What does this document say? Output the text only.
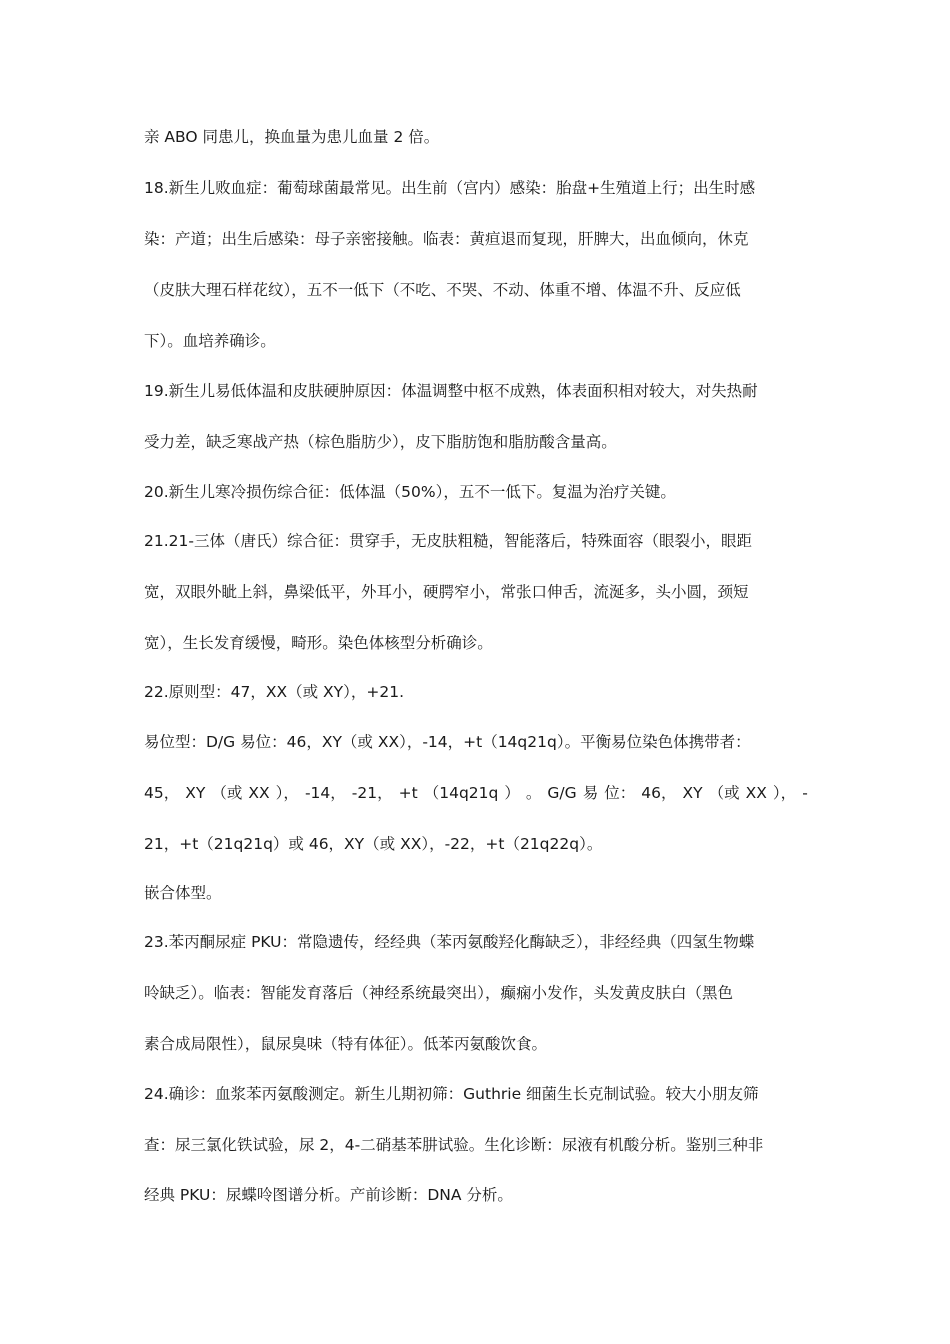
亲 ABO 同患儿，换血量为患儿血量 2 倍。
18.新生儿败血症：葡萄球菌最常见。出生前（宫内）感染：胎盘+生殖道上行；出生时感
染：产道；出生后感染：母子亲密接触。临表：黄疸退而复现，肝脾大，出血倾向，休克
（皮肤大理石样花纹），五不一低下（不吃、不哭、不动、体重不增、体温不升、反应低
下）。血培养确诊。
19.新生儿易低体温和皮肤硬肿原因：体温调整中枢不成熟，体表面积相对较大，对失热耐
受力差，缺乏寒战产热（棕色脂肪少），皮下脂肪饱和脂肪酸含量高。
20.新生儿寒冷损伤综合征：低体温（50%），五不一低下。复温为治疗关键。
21.21-三体（唐氏）综合征：贯穿手，无皮肤粗糙，智能落后，特殊面容（眼裂小，眼距
宽，双眼外眦上斜，鼻梁低平，外耳小，硬腭窄小，常张口伸舌，流涎多，头小圆，颈短
宽），生长发育缓慢，畸形。染色体核型分析确诊。
22.原则型：47，XX（或 XY），+21.
易位型：D/G 易位：46，XY（或 XX），-14，+t（14q21q）。平衡易位染色体携带者：
45， XY （或 XX ）， -14， -21， +t （14q21q ） 。 G/G 易 位： 46， XY （或 XX ）， -
21，+t（21q21q）或 46，XY（或 XX），-22，+t（21q22q）。
嵌合体型。
23.苯丙酮尿症 PKU：常隐遗传，经经典（苯丙氨酸羟化酶缺乏），非经经典（四氢生物蝶
呤缺乏）。临表：智能发育落后（神经系统最突出），癫痫小发作，头发黄皮肤白（黑色
素合成局限性），鼠尿臭味（特有体征）。低苯丙氨酸饮食。
24.确诊：血浆苯丙氨酸测定。新生儿期初筛：Guthrie 细菌生长克制试验。较大小朋友筛
查：尿三氯化铁试验，尿 2，4-二硝基苯肼试验。生化诊断：尿液有机酸分析。鉴别三种非
经典 PKU：尿蝶呤图谱分析。产前诊断：DNA 分析。
